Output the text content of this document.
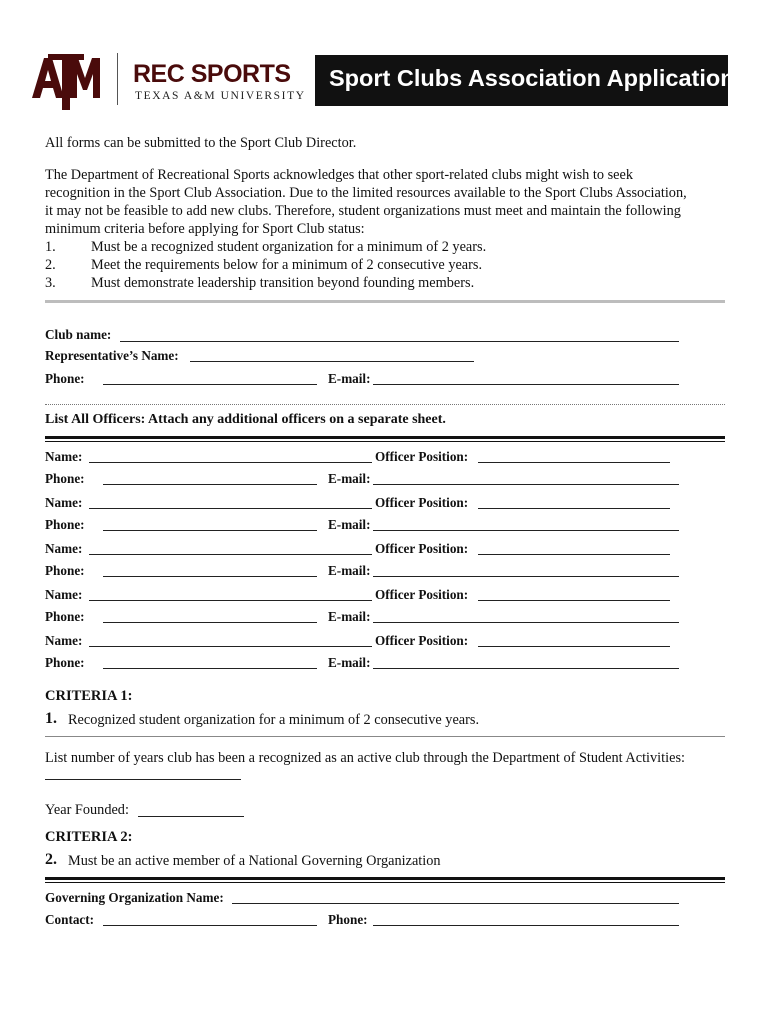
REC SPORTS
TEXAS A&M UNIVERSITY
Sport Clubs Association Application
All forms can be submitted to the Sport Club Director.
The Department of Recreational Sports acknowledges that other sport-related clubs might wish to seek
recognition in the Sport Club Association. Due to the limited resources available to the Sport Clubs Association,
it may not be feasible to add new clubs. Therefore, student organizations must meet and maintain the following
minimum criteria before applying for Sport Club status:
1. Must be a recognized student organization for a minimum of 2 years.
2. Meet the requirements below for a minimum of 2 consecutive years.
3. Must demonstrate leadership transition beyond founding members.
Club name:
Representative’s Name:
Phone:	E-mail:
List All Officers: Attach any additional officers on a separate sheet.
Name:	Officer Position:
Phone:	E-mail:
Name:	Officer Position:
Phone:	E-mail:
Name:	Officer Position:
Phone:	E-mail:
Name:	Officer Position:
Phone:	E-mail:
Name:	Officer Position:
Phone:	E-mail:
CRITERIA 1:
1. Recognized student organization for a minimum of 2 consecutive years.
List number of years club has been a recognized as an active club through the Department of Student Activities:
Year Founded:
CRITERIA 2:
2. Must be an active member of a National Governing Organization
Governing Organization Name:
Contact:	Phone:
